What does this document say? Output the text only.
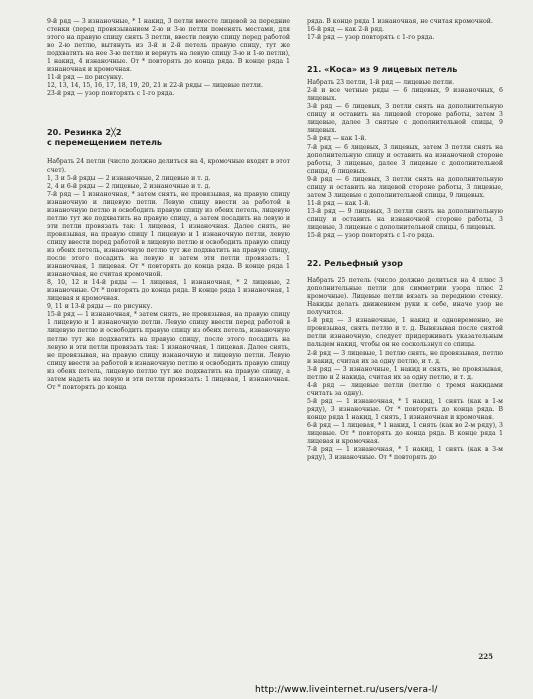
9-й ряд — 3 изнаночные, * 1 накид, 3 петли вместе лицевой за передние стенки (перед провязыванием 2-ю и 3-ю петли поменять местами, для этого на правую спицу снять 3 петли, ввести левую спицу перед работой во 2-ю петлю, вытянуть из 3-й и 2-й петель правую спицу, тут же подхватить на нее 3-ю петлю и вернуть на левую спицу 3-ю и 1-ю петли), 1 накид, 4 изнаночные. От * повторять до конца ряда. В конце ряда 1 изнаночная и кромочная.

11-й ряд — по рисунку.

12, 13, 14, 15, 16, 17, 18, 19, 20, 21 и 22-й ряды — лицевые петли.

23-й ряд — узор повторять с 1-го ряда.

20. Резинка 2╳2

с перемещением петель

Набрать 24 петли (число должно делиться на 4, кромочные входят в этот счет).

1, 3 и 5-й ряды — 2 изнаночные, 2 лицевые и т. д.

2, 4 и 6-й ряды — 2 лицевые, 2 изнаночные и т. д.

7-й ряд — 1 изнаночная, * затем снять, не провязывая, на правую спицу изнаночную и лицевую петли. Левую спицу ввести за работой в изнаночную петлю и освободить правую спицу из обеих петель, лицевую петлю тут же подхватить на правую спицу, а затем посадить на левую и эти петли провязать так: 1 лицевая, 1 изнаночная. Далее снять, не провязывая, на правую спицу 1 лицевую и 1 изнаночную петли, левую спицу ввести перед работой в лицевую петлю и освободить правую спицу из обеих петель, изнаночную петлю тут же подхватить на правую спицу, после этого посадить на левую и затем эти петли провязать: 1 изнаночная, 1 лицевая. От * повторять до конца ряда. В конце ряда 1 изнаночная, не считая кромочной.

8, 10, 12 и 14-й ряды — 1 лицевая, 1 изнаночная, * 2 лицевые, 2 изнаночные. От * повторять до конца ряда. В конце ряда 1 изнаночная, 1 лицевая и кромочная.

9, 11 и 13-й ряды — по рисунку.

15-й ряд — 1 изнаночная, * затем снять, не провязывая, на правую спицу 1 лицевую и 1 изнаночную петли. Левую спицу ввести перед работой в лицевую петлю и освободить правую спицу из обеих петель, изнаночную петлю тут же подхватить на правую спицу, после этого посадить на левую и эти петли провязать так: 1 изнаночная, 1 лицевая. Далее снять, не провязывая, на правую спицу изнаночную и лицевую петли. Левую спицу ввести за работой в изнаночную петлю и освободить правую спицу из обеих петель, лицевую петлю тут же подхватить на правую спицу, а затем надеть на левую и эти петли провязать: 1 лицевая, 1 изнаночная. От * повторять до конца

ряда. В конце ряда 1 изнаночная, не считая кромочной.

16-й ряд — как 2-й ряд.

17-й ряд — узор повторять с 1-го ряда.

21. «Коса» из 9 лицевых петель

Набрать 23 петли, 1-й ряд — лицевые петли.

2-й и все четные ряды — 6 лицевых, 9 изнаночных, 6 лицевых.

3-й ряд — 6 лицевых, 3 петли снять на дополнительную спицу и оставить на лицевой стороне работы, затем 3 лицевые, далее 3 снятые с дополнительной спицы, 9 лицевых.

5-й ряд — как 1-й.

7-й ряд — 6 лицевых, 3 лицевых, затем 3 петли снять на дополнительную спицу и оставить на изнаночной стороне работы, 3 лицевые, далее 3 лицевые с дополнительной спицы, 6 лицевых.

9-й ряд — 6 лицевых, 3 петли снять на дополнительную спицу и оставить на лицевой стороне работы, 3 лицевые, затем 3 лицевые с дополнительной спицы, 9 лицевых.

11-й ряд — как 1-й.

13-й ряд — 9 лицевых, 3 петли снять на дополнительную спицу и оставить на изнаночной стороне работы, 3 лицевые, 3 лицевые с дополнительной спицы, 6 лицевых.

15-й ряд — узор повторять с 1-го ряда.

22. Рельефный узор

Набрать 25 петель (число должно делиться на 4 плюс 3 дополнительные петли для симметрии узора плюс 2 кромочные). Лицевые петли вязать за переднюю стенку. Накиды делать движением руки к себе, иначе узор не получится.

1-й ряд — 3 изнаночные, 1 накид и одновременно, не провязывая, снять петлю и т. д. Вывязывая после снятой петли изнаночную, следует придерживать указательным пальцем накид, чтобы он не соскользнул со спицы.

2-й ряд — 3 лицевые, 1 петлю снять, не провязывая, петлю и накид, считая их за одну петлю, и т. д.

3-й ряд — 3 изнаночные, 1 накид и снять, не провязывая, петлю и 2 накида, считая их за одну петлю, и т. д.

4-й ряд — лицевые петли (петлю с тремя накидами считать за одну).

5-й ряд — 1 изнаночная, * 1 накид, 1 снять (как в 1-м ряду), 3 изнаночные. От * повторять до конца ряда. В конце ряда 1 накид, 1 снять, 1 изнаночная и кромочная.

6-й ряд — 1 лицевая, * 1 накид, 1 снять (как во 2-м ряду), 3 лицевые. От * повторять до конца ряда. В конце ряда 1 лицевая и кромочная.

7-й ряд — 1 изнаночная, * 1 накид, 1 снять (как в 3-м ряду), 3 изнаночные. От * повторять до

225
http://www.liveinternet.ru/users/vera-l/
